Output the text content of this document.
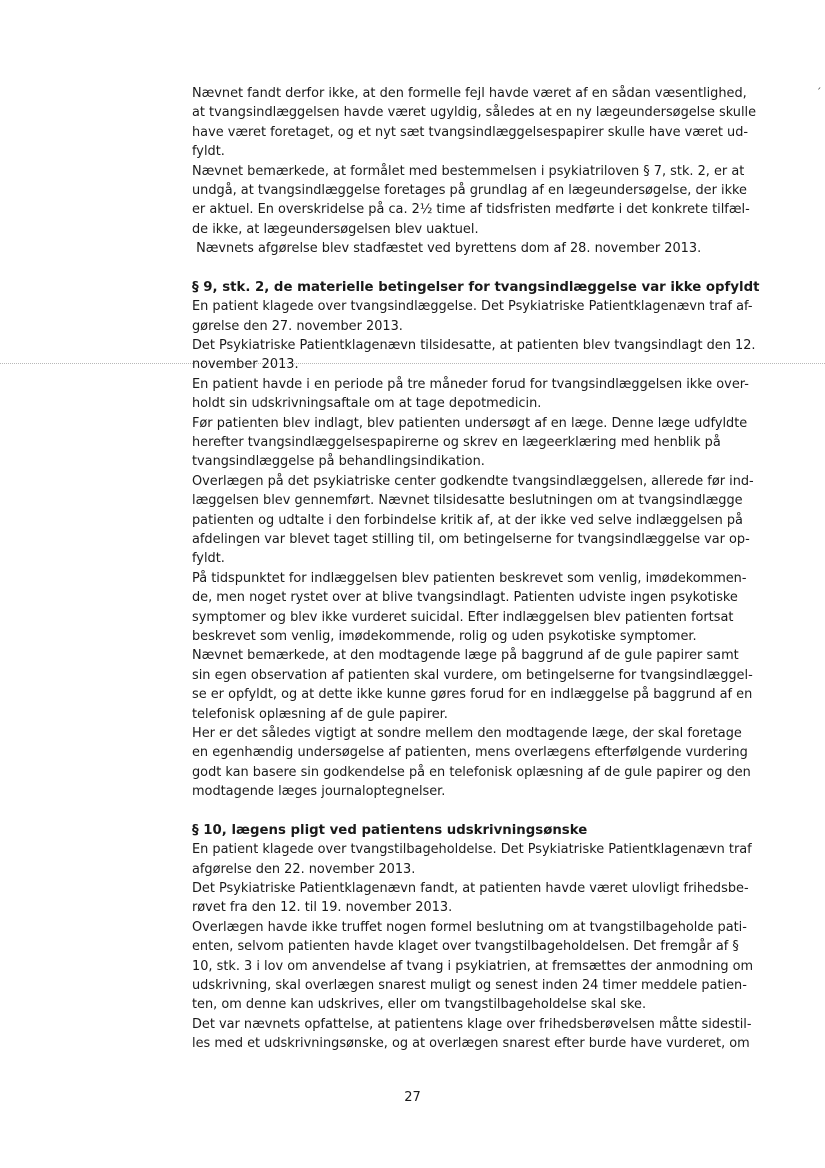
´
Nævnet fandt derfor ikke, at den formelle fejl havde været af en sådan væsentlighed,
at tvangsindlæggelsen havde været ugyldig, således at en ny lægeundersøgelse skulle
have været foretaget, og et nyt sæt tvangsindlæggelsespapirer skulle have været ud-
fyldt.
Nævnet bemærkede, at formålet med bestemmelsen i psykiatriloven § 7, stk. 2, er at
undgå, at tvangsindlæggelse foretages på grundlag af en lægeundersøgelse, der ikke
er aktuel. En overskridelse på ca. 2½ time af tidsfristen medførte i det konkrete tilfæl-
de ikke, at lægeundersøgelsen blev uaktuel.
Nævnets afgørelse blev stadfæstet ved byrettens dom af 28. november 2013.
§ 9, stk. 2, de materielle betingelser for tvangsindlæggelse var ikke opfyldt
En patient klagede over tvangsindlæggelse. Det Psykiatriske Patientklagenævn traf af-
gørelse den 27. november 2013.
Det Psykiatriske Patientklagenævn tilsidesatte, at patienten blev tvangsindlagt den 12.
november 2013.
En patient havde i en periode på tre måneder forud for tvangsindlæggelsen ikke over-
holdt sin udskrivningsaftale om at tage depotmedicin.
Før patienten blev indlagt, blev patienten undersøgt af en læge. Denne læge udfyldte
herefter tvangsindlæggelsespapirerne og skrev en lægeerklæring med henblik på
tvangsindlæggelse på behandlingsindikation.
Overlægen på det psykiatriske center godkendte tvangsindlæggelsen, allerede før ind-
læggelsen blev gennemført. Nævnet tilsidesatte beslutningen om at tvangsindlægge
patienten og udtalte i den forbindelse kritik af, at der ikke ved selve indlæggelsen på
afdelingen var blevet taget stilling til, om betingelserne for tvangsindlæggelse var op-
fyldt.
På tidspunktet for indlæggelsen blev patienten beskrevet som venlig, imødekommen-
de, men noget rystet over at blive tvangsindlagt. Patienten udviste ingen psykotiske
symptomer og blev ikke vurderet suicidal. Efter indlæggelsen blev patienten fortsat
beskrevet som venlig, imødekommende, rolig og uden psykotiske symptomer.
Nævnet bemærkede, at den modtagende læge på baggrund af de gule papirer samt
sin egen observation af patienten skal vurdere, om betingelserne for tvangsindlæggel-
se er opfyldt, og at dette ikke kunne gøres forud for en indlæggelse på baggrund af en
telefonisk oplæsning af de gule papirer.
Her er det således vigtigt at sondre mellem den modtagende læge, der skal foretage
en egenhændig undersøgelse af patienten, mens overlægens efterfølgende vurdering
godt kan basere sin godkendelse på en telefonisk oplæsning af de gule papirer og den
modtagende læges journaloptegnelser.
§ 10, lægens pligt ved patientens udskrivningsønske
En patient klagede over tvangstilbageholdelse. Det Psykiatriske Patientklagenævn traf
afgørelse den 22. november 2013.
Det Psykiatriske Patientklagenævn fandt, at patienten havde været ulovligt frihedsbe-
røvet fra den 12. til 19. november 2013.
Overlægen havde ikke truffet nogen formel beslutning om at tvangstilbageholde pati-
enten, selvom patienten havde klaget over tvangstilbageholdelsen. Det fremgår af §
10, stk. 3 i lov om anvendelse af tvang i psykiatrien, at fremsættes der anmodning om
udskrivning, skal overlægen snarest muligt og senest inden 24 timer meddele patien-
ten, om denne kan udskrives, eller om tvangstilbageholdelse skal ske.
Det var nævnets opfattelse, at patientens klage over frihedsberøvelsen måtte sidestil-
les med et udskrivningsønske, og at overlægen snarest efter burde have vurderet, om
27
